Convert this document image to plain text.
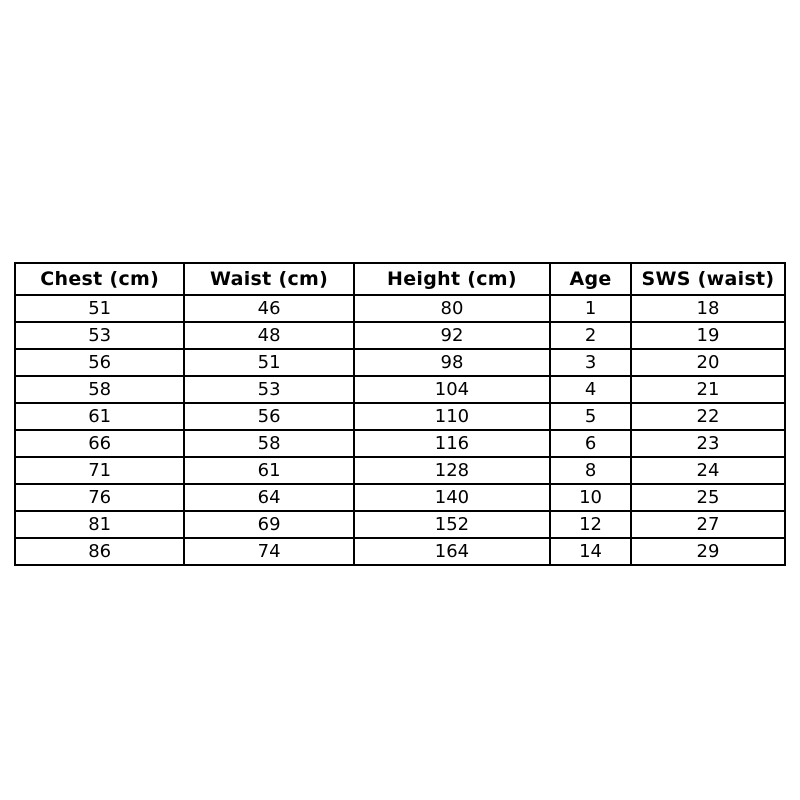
Chest (cm)	Waist (cm)	Height (cm)	Age	SWS (waist)
51	46	80	1	18
53	48	92	2	19
56	51	98	3	20
58	53	104	4	21
61	56	110	5	22
66	58	116	6	23
71	61	128	8	24
76	64	140	10	25
81	69	152	12	27
86	74	164	14	29
